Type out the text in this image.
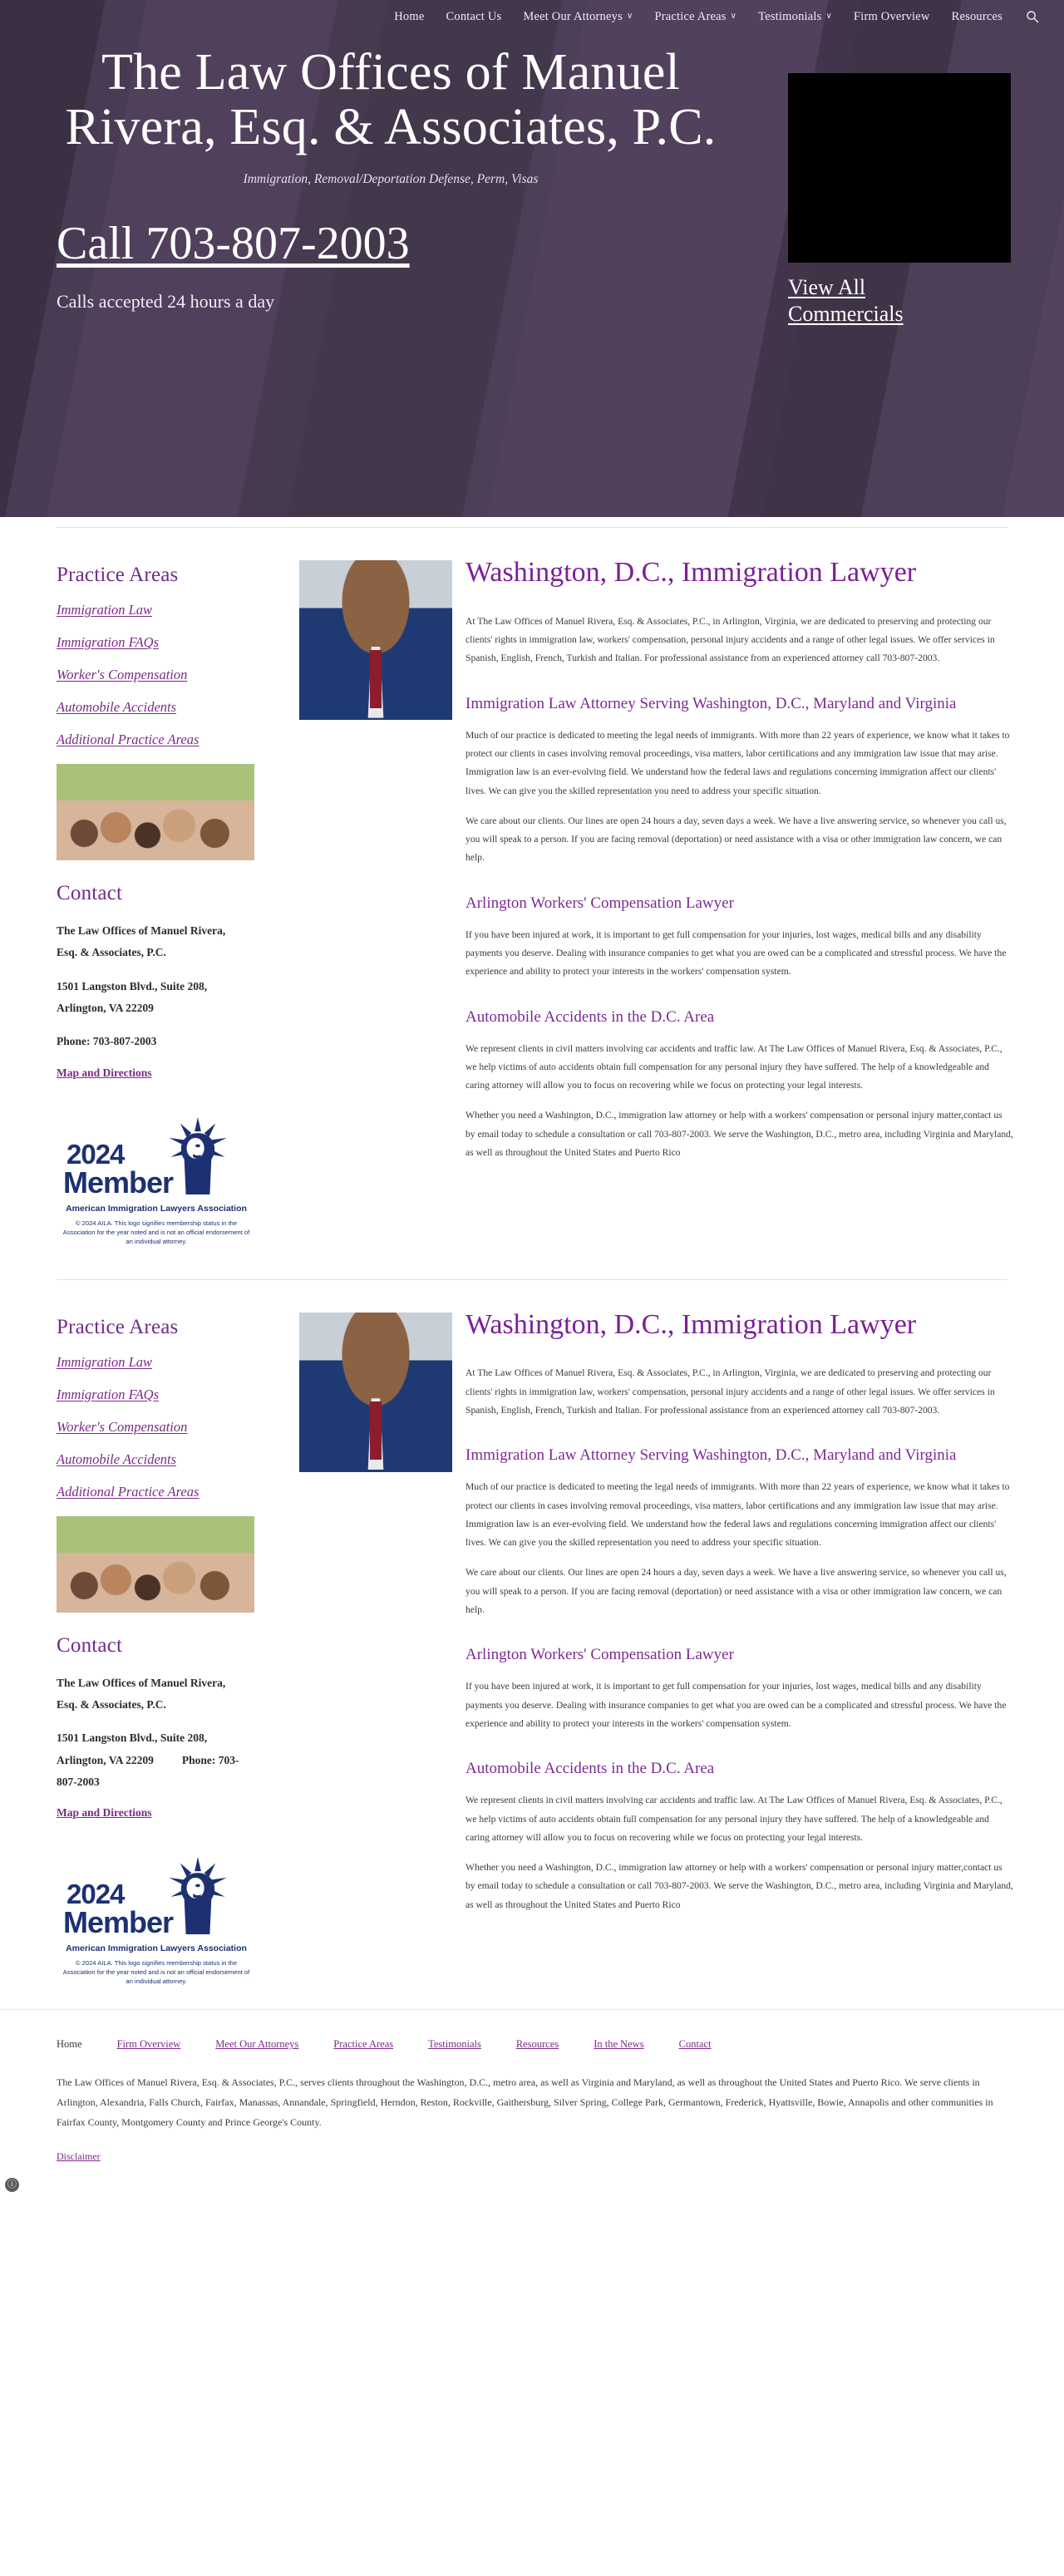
Home Contact Us Meet Our Attorneys ∨ Practice Areas ∨ Testimonials ∨ Firm Overview Resources
The Law Offices of Manuel Rivera, Esq. & Associates, P.C.
Immigration, Removal/Deportation Defense, Perm, Visas
Call 703-807-2003
Calls accepted 24 hours a day
View All Commercials
Practice Areas
Immigration Law
Immigration FAQs
Worker's Compensation
Automobile Accidents
Additional Practice Areas
Contact
The Law Offices of Manuel Rivera,
Esq. & Associates, P.C.
1501 Langston Blvd., Suite 208,
Arlington, VA 22209
Phone: 703-807-2003
Map and Directions
2024
Member
American Immigration Lawyers Association
© 2024 AILA. This logo signifies membership status in the Association for the year noted and is not an official endorsement of an individual attorney.
Washington, D.C., Immigration Lawyer

At The Law Offices of Manuel Rivera, Esq. & Associates, P.C., in Arlington, Virginia, we are dedicated to preserving and protecting our clients' rights in immigration law, workers' compensation, personal injury accidents and a range of other legal issues. We offer services in Spanish, English, French, Turkish and Italian. For professional assistance from an experienced attorney call 703-807-2003.

Immigration Law Attorney Serving Washington, D.C., Maryland and Virginia

Much of our practice is dedicated to meeting the legal needs of immigrants. With more than 22 years of experience, we know what it takes to protect our clients in cases involving removal proceedings, visa matters, labor certifications and any immigration law issue that may arise. Immigration law is an ever-evolving field. We understand how the federal laws and regulations concerning immigration affect our clients' lives. We can give you the skilled representation you need to address your specific situation.

We care about our clients. Our lines are open 24 hours a day, seven days a week. We have a live answering service, so whenever you call us, you will speak to a person. If you are facing removal (deportation) or need assistance with a visa or other immigration law concern, we can help.

Arlington Workers' Compensation Lawyer

If you have been injured at work, it is important to get full compensation for your injuries, lost wages, medical bills and any disability payments you deserve. Dealing with insurance companies to get what you are owed can be a complicated and stressful process. We have the experience and ability to protect your interests in the workers' compensation system.

Automobile Accidents in the D.C. Area

We represent clients in civil matters involving car accidents and traffic law. At The Law Offices of Manuel Rivera, Esq. & Associates, P.C., we help victims of auto accidents obtain full compensation for any personal injury they have suffered. The help of a knowledgeable and caring attorney will allow you to focus on recovering while we focus on protecting your legal interests.

Whether you need a Washington, D.C., immigration law attorney or help with a workers' compensation or personal injury matter,contact us by email today to schedule a consultation or call 703-807-2003. We serve the Washington, D.C., metro area, including Virginia and Maryland, as well as throughout the United States and Puerto Rico

Practice Areas
Immigration Law
Immigration FAQs
Worker's Compensation
Automobile Accidents
Additional Practice Areas
Contact
The Law Offices of Manuel Rivera,
Esq. & Associates, P.C.
1501 Langston Blvd., Suite 208,
Arlington, VA 22209	Phone: 703-
807-2003
Map and Directions
2024
Member
American Immigration Lawyers Association
© 2024 AILA. This logo signifies membership status in the Association for the year noted and is not an official endorsement of an individual attorney.
Washington, D.C., Immigration Lawyer

At The Law Offices of Manuel Rivera, Esq. & Associates, P.C., in Arlington, Virginia, we are dedicated to preserving and protecting our clients' rights in immigration law, workers' compensation, personal injury accidents and a range of other legal issues. We offer services in Spanish, English, French, Turkish and Italian. For professional assistance from an experienced attorney call 703-807-2003.

Immigration Law Attorney Serving Washington, D.C., Maryland and Virginia

Much of our practice is dedicated to meeting the legal needs of immigrants. With more than 22 years of experience, we know what it takes to protect our clients in cases involving removal proceedings, visa matters, labor certifications and any immigration law issue that may arise. Immigration law is an ever-evolving field. We understand how the federal laws and regulations concerning immigration affect our clients' lives. We can give you the skilled representation you need to address your specific situation.

We care about our clients. Our lines are open 24 hours a day, seven days a week. We have a live answering service, so whenever you call us, you will speak to a person. If you are facing removal (deportation) or need assistance with a visa or other immigration law concern, we can help.

Arlington Workers' Compensation Lawyer

If you have been injured at work, it is important to get full compensation for your injuries, lost wages, medical bills and any disability payments you deserve. Dealing with insurance companies to get what you are owed can be a complicated and stressful process. We have the experience and ability to protect your interests in the workers' compensation system.

Automobile Accidents in the D.C. Area

We represent clients in civil matters involving car accidents and traffic law. At The Law Offices of Manuel Rivera, Esq. & Associates, P.C., we help victims of auto accidents obtain full compensation for any personal injury they have suffered. The help of a knowledgeable and caring attorney will allow you to focus on recovering while we focus on protecting your legal interests.

Whether you need a Washington, D.C., immigration law attorney or help with a workers' compensation or personal injury matter,contact us by email today to schedule a consultation or call 703-807-2003. We serve the Washington, D.C., metro area, including Virginia and Maryland, as well as throughout the United States and Puerto Rico

Home	Firm Overview	Meet Our Attorneys	Practice Areas	Testimonials	Resources	In the News	Contact

The Law Offices of Manuel Rivera, Esq. & Associates, P.C., serves clients throughout the Washington, D.C., metro area, as well as Virginia and Maryland, as well as throughout the United States and Puerto Rico. We serve clients in Arlington, Alexandria, Falls Church, Fairfax, Manassas, Annandale, Springfield, Herndon, Reston, Rockville, Gaithersburg, Silver Spring, College Park, Germantown, Frederick, Hyattsville, Bowie, Annapolis and other communities in Fairfax County, Montgomery County and Prince George's County.

Disclaimer
ⓘ
